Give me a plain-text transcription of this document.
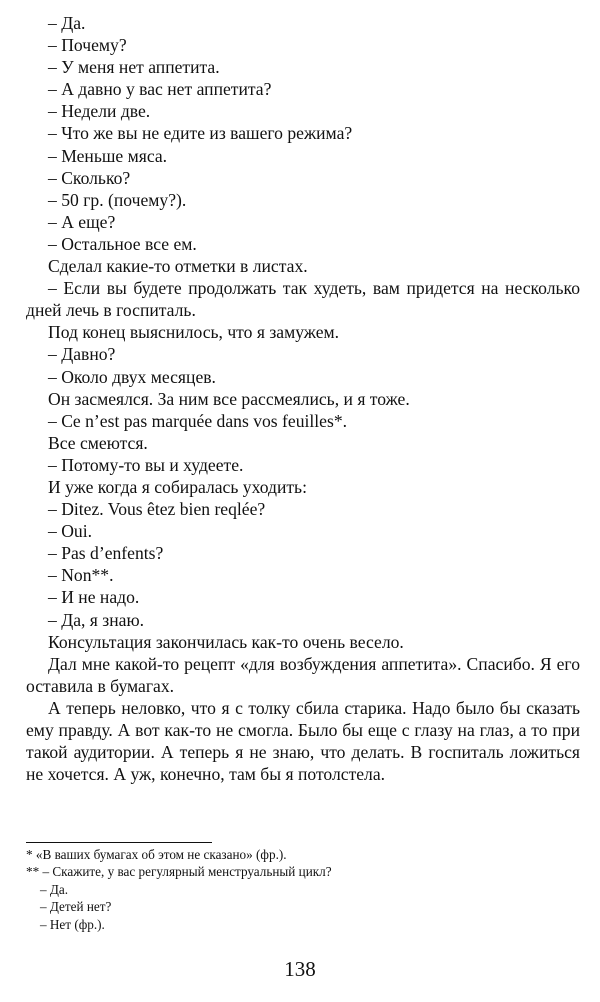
– Да.

– Почему?

– У меня нет аппетита.

– А давно у вас нет аппетита?

– Недели две.

– Что же вы не едите из вашего режима?

– Меньше мяса.

– Сколько?

– 50 гр. (почему?).

– А еще?

– Остальное все ем.

Сделал какие-то отметки в листах.

– Если вы будете продолжать так худеть, вам придется на несколько дней лечь в госпиталь.

Под конец выяснилось, что я замужем.

– Давно?

– Около двух месяцев.

Он засмеялся. За ним все рассмеялись, и я тоже.

– Ce n’est pas marquée dans vos feuilles*.

Все смеются.

– Потому-то вы и худеете.

И уже когда я собиралась уходить:

– Ditez. Vous êtez bien reqlée?

– Oui.

– Pas d’enfents?

– Non**.

– И не надо.

– Да, я знаю.

Консультация закончилась как-то очень весело.

Дал мне какой-то рецепт «для возбуждения аппетита». Спасибо. Я его оставила в бумагах.

А теперь неловко, что я с толку сбила старика. Надо было бы сказать ему правду. А вот как-то не смогла. Было бы еще с глазу на глаз, а то при такой аудитории. А теперь я не знаю, что делать. В госпиталь ложиться не хочется. А уж, конечно, там бы я потолстела.

* «В ваших бумагах об этом не сказано» (фр.).

** – Скажите, у вас регулярный менструальный цикл?

– Да.

– Детей нет?

– Нет (фр.).

138
